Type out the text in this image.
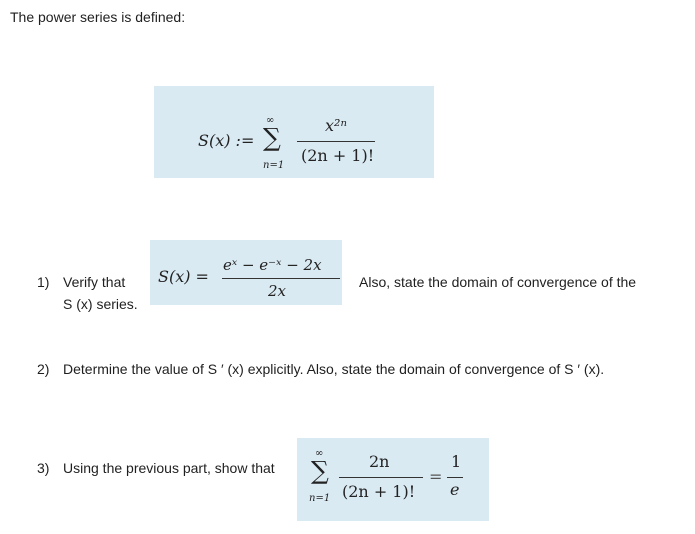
The power series is defined:
S(x) :=
∞
∑
n=1
x²ⁿ
(2n + 1)!
1) Verify that S(x) =
eˣ − e⁻ˣ − 2x
2x	Also, state the domain of convergence of the
S (x) series.
2) Determine the value of S ′ (x) explicitly. Also, state the domain of convergence of S ′ (x).
3) Using the previous part, show that
∞
∑
n=1
2n
(2n + 1)!
=
1
e
